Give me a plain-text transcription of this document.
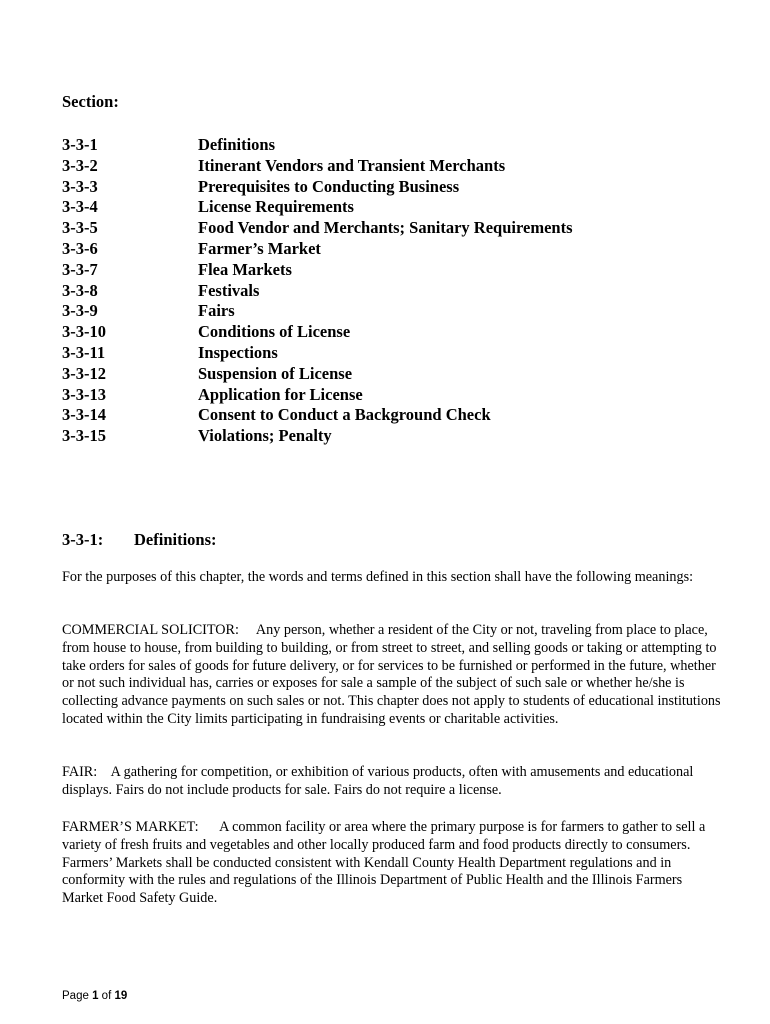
Section:
3-3-1	Definitions
3-3-2	Itinerant Vendors and Transient Merchants
3-3-3	Prerequisites to Conducting Business
3-3-4	License Requirements
3-3-5	Food Vendor and Merchants; Sanitary Requirements
3-3-6	Farmer’s Market
3-3-7	Flea Markets
3-3-8	Festivals
3-3-9	Fairs
3-3-10	Conditions of License
3-3-11	Inspections
3-3-12	Suspension of License
3-3-13	Application for License
3-3-14	Consent to Conduct a Background Check
3-3-15	Violations; Penalty
3-3-1: Definitions:
For the purposes of this chapter, the words and terms defined in this section shall have the following meanings:
COMMERCIAL SOLICITOR: Any person, whether a resident of the City or not, traveling from place to place, from house to house, from building to building, or from street to street, and selling goods or taking or attempting to take orders for sales of goods for future delivery, or for services to be furnished or performed in the future, whether or not such individual has, carries or exposes for sale a sample of the subject of such sale or whether he/she is collecting advance payments on such sales or not. This chapter does not apply to students of educational institutions located within the City limits participating in fundraising events or charitable activities.
FAIR: A gathering for competition, or exhibition of various products, often with amusements and educational displays. Fairs do not include products for sale. Fairs do not require a license.
FARMER’S MARKET: A common facility or area where the primary purpose is for farmers to gather to sell a variety of fresh fruits and vegetables and other locally produced farm and food products directly to consumers. Farmers’ Markets shall be conducted consistent with Kendall County Health Department regulations and in conformity with the rules and regulations of the Illinois Department of Public Health and the Illinois Farmers Market Food Safety Guide.
Page 1 of 19
